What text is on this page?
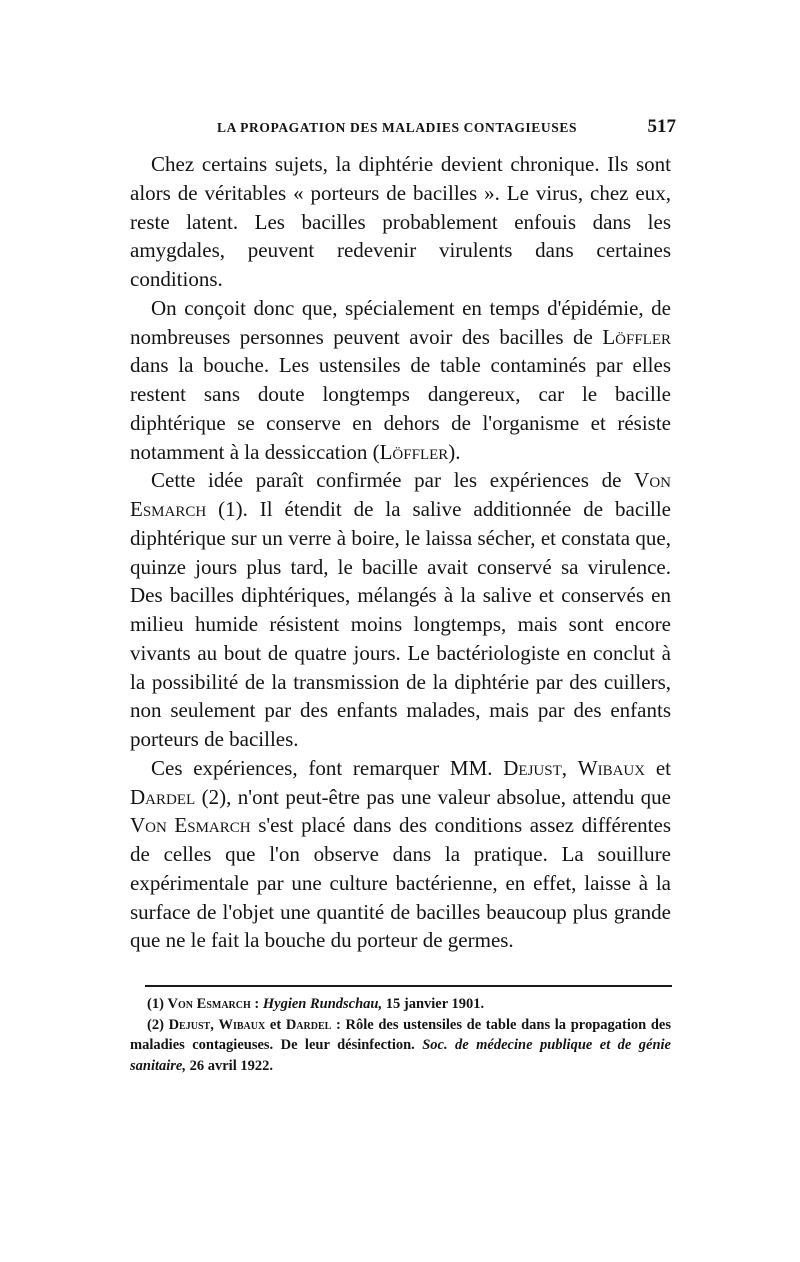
LA PROPAGATION DES MALADIES CONTAGIEUSES	517

Chez certains sujets, la diphtérie devient chronique. Ils sont alors de véritables « porteurs de bacilles ». Le virus, chez eux, reste latent. Les bacilles probablement enfouis dans les amygdales, peuvent redevenir virulents dans certaines conditions.

On conçoit donc que, spécialement en temps d'épidémie, de nombreuses personnes peuvent avoir des bacilles de Löffler dans la bouche. Les ustensiles de table contaminés par elles restent sans doute longtemps dangereux, car le bacille diphtérique se conserve en dehors de l'organisme et résiste notamment à la dessiccation (Löffler).

Cette idée paraît confirmée par les expériences de Von Esmarch (1). Il étendit de la salive additionnée de bacille diphtérique sur un verre à boire, le laissa sécher, et constata que, quinze jours plus tard, le bacille avait conservé sa virulence. Des bacilles diphtériques, mélangés à la salive et conservés en milieu humide résistent moins longtemps, mais sont encore vivants au bout de quatre jours. Le bactériologiste en conclut à la possibilité de la transmission de la diphtérie par des cuillers, non seulement par des enfants malades, mais par des enfants porteurs de bacilles.

Ces expériences, font remarquer MM. Dejust, Wibaux et Dardel (2), n'ont peut-être pas une valeur absolue, attendu que Von Esmarch s'est placé dans des conditions assez différentes de celles que l'on observe dans la pratique. La souillure expérimentale par une culture bactérienne, en effet, laisse à la surface de l'objet une quantité de bacilles beaucoup plus grande que ne le fait la bouche du porteur de germes.

(1) Von Esmarch : Hygien Rundschau, 15 janvier 1901.

(2) Dejust, Wibaux et Dardel : Rôle des ustensiles de table dans la propagation des maladies contagieuses. De leur désinfection. Soc. de médecine publique et de génie sanitaire, 26 avril 1922.
